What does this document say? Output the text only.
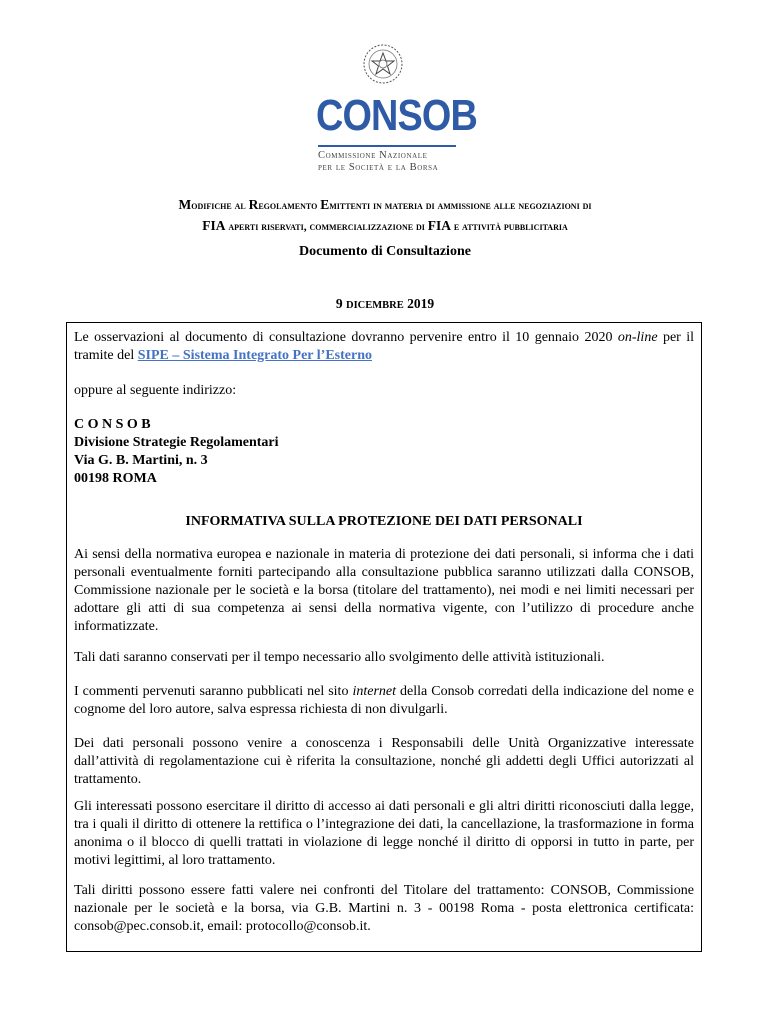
CONSOB
Commissione Nazionale
per le Società e la Borsa
Modifiche al Regolamento Emittenti in materia di ammissione alle negoziazioni di
FIA aperti riservati, commercializzazione di FIA e attività pubblicitaria
Documento di Consultazione
9 DICEMBRE 2019
Le osservazioni al documento di consultazione dovranno pervenire entro il 10 gennaio 2020 on-line per il tramite del SIPE – Sistema Integrato Per l’Esterno
oppure al seguente indirizzo:
C O N S O B
Divisione Strategie Regolamentari
Via G. B. Martini, n. 3
00198 ROMA
INFORMATIVA SULLA PROTEZIONE DEI DATI PERSONALI
Ai sensi della normativa europea e nazionale in materia di protezione dei dati personali, si informa che i dati personali eventualmente forniti partecipando alla consultazione pubblica saranno utilizzati dalla CONSOB, Commissione nazionale per le società e la borsa (titolare del trattamento), nei modi e nei limiti necessari per adottare gli atti di sua competenza ai sensi della normativa vigente, con l’utilizzo di procedure anche informatizzate.
Tali dati saranno conservati per il tempo necessario allo svolgimento delle attività istituzionali.
I commenti pervenuti saranno pubblicati nel sito internet della Consob corredati della indicazione del nome e cognome del loro autore, salva espressa richiesta di non divulgarli.
Dei dati personali possono venire a conoscenza i Responsabili delle Unità Organizzative interessate dall’attività di regolamentazione cui è riferita la consultazione, nonché gli addetti degli Uffici autorizzati al trattamento.
Gli interessati possono esercitare il diritto di accesso ai dati personali e gli altri diritti riconosciuti dalla legge, tra i quali il diritto di ottenere la rettifica o l’integrazione dei dati, la cancellazione, la trasformazione in forma anonima o il blocco di quelli trattati in violazione di legge nonché il diritto di opporsi in tutto in parte, per motivi legittimi, al loro trattamento.
Tali diritti possono essere fatti valere nei confronti del Titolare del trattamento: CONSOB, Commissione nazionale per le società e la borsa, via G.B. Martini n. 3 - 00198 Roma - posta elettronica certificata: consob@pec.consob.it, email: protocollo@consob.it.
